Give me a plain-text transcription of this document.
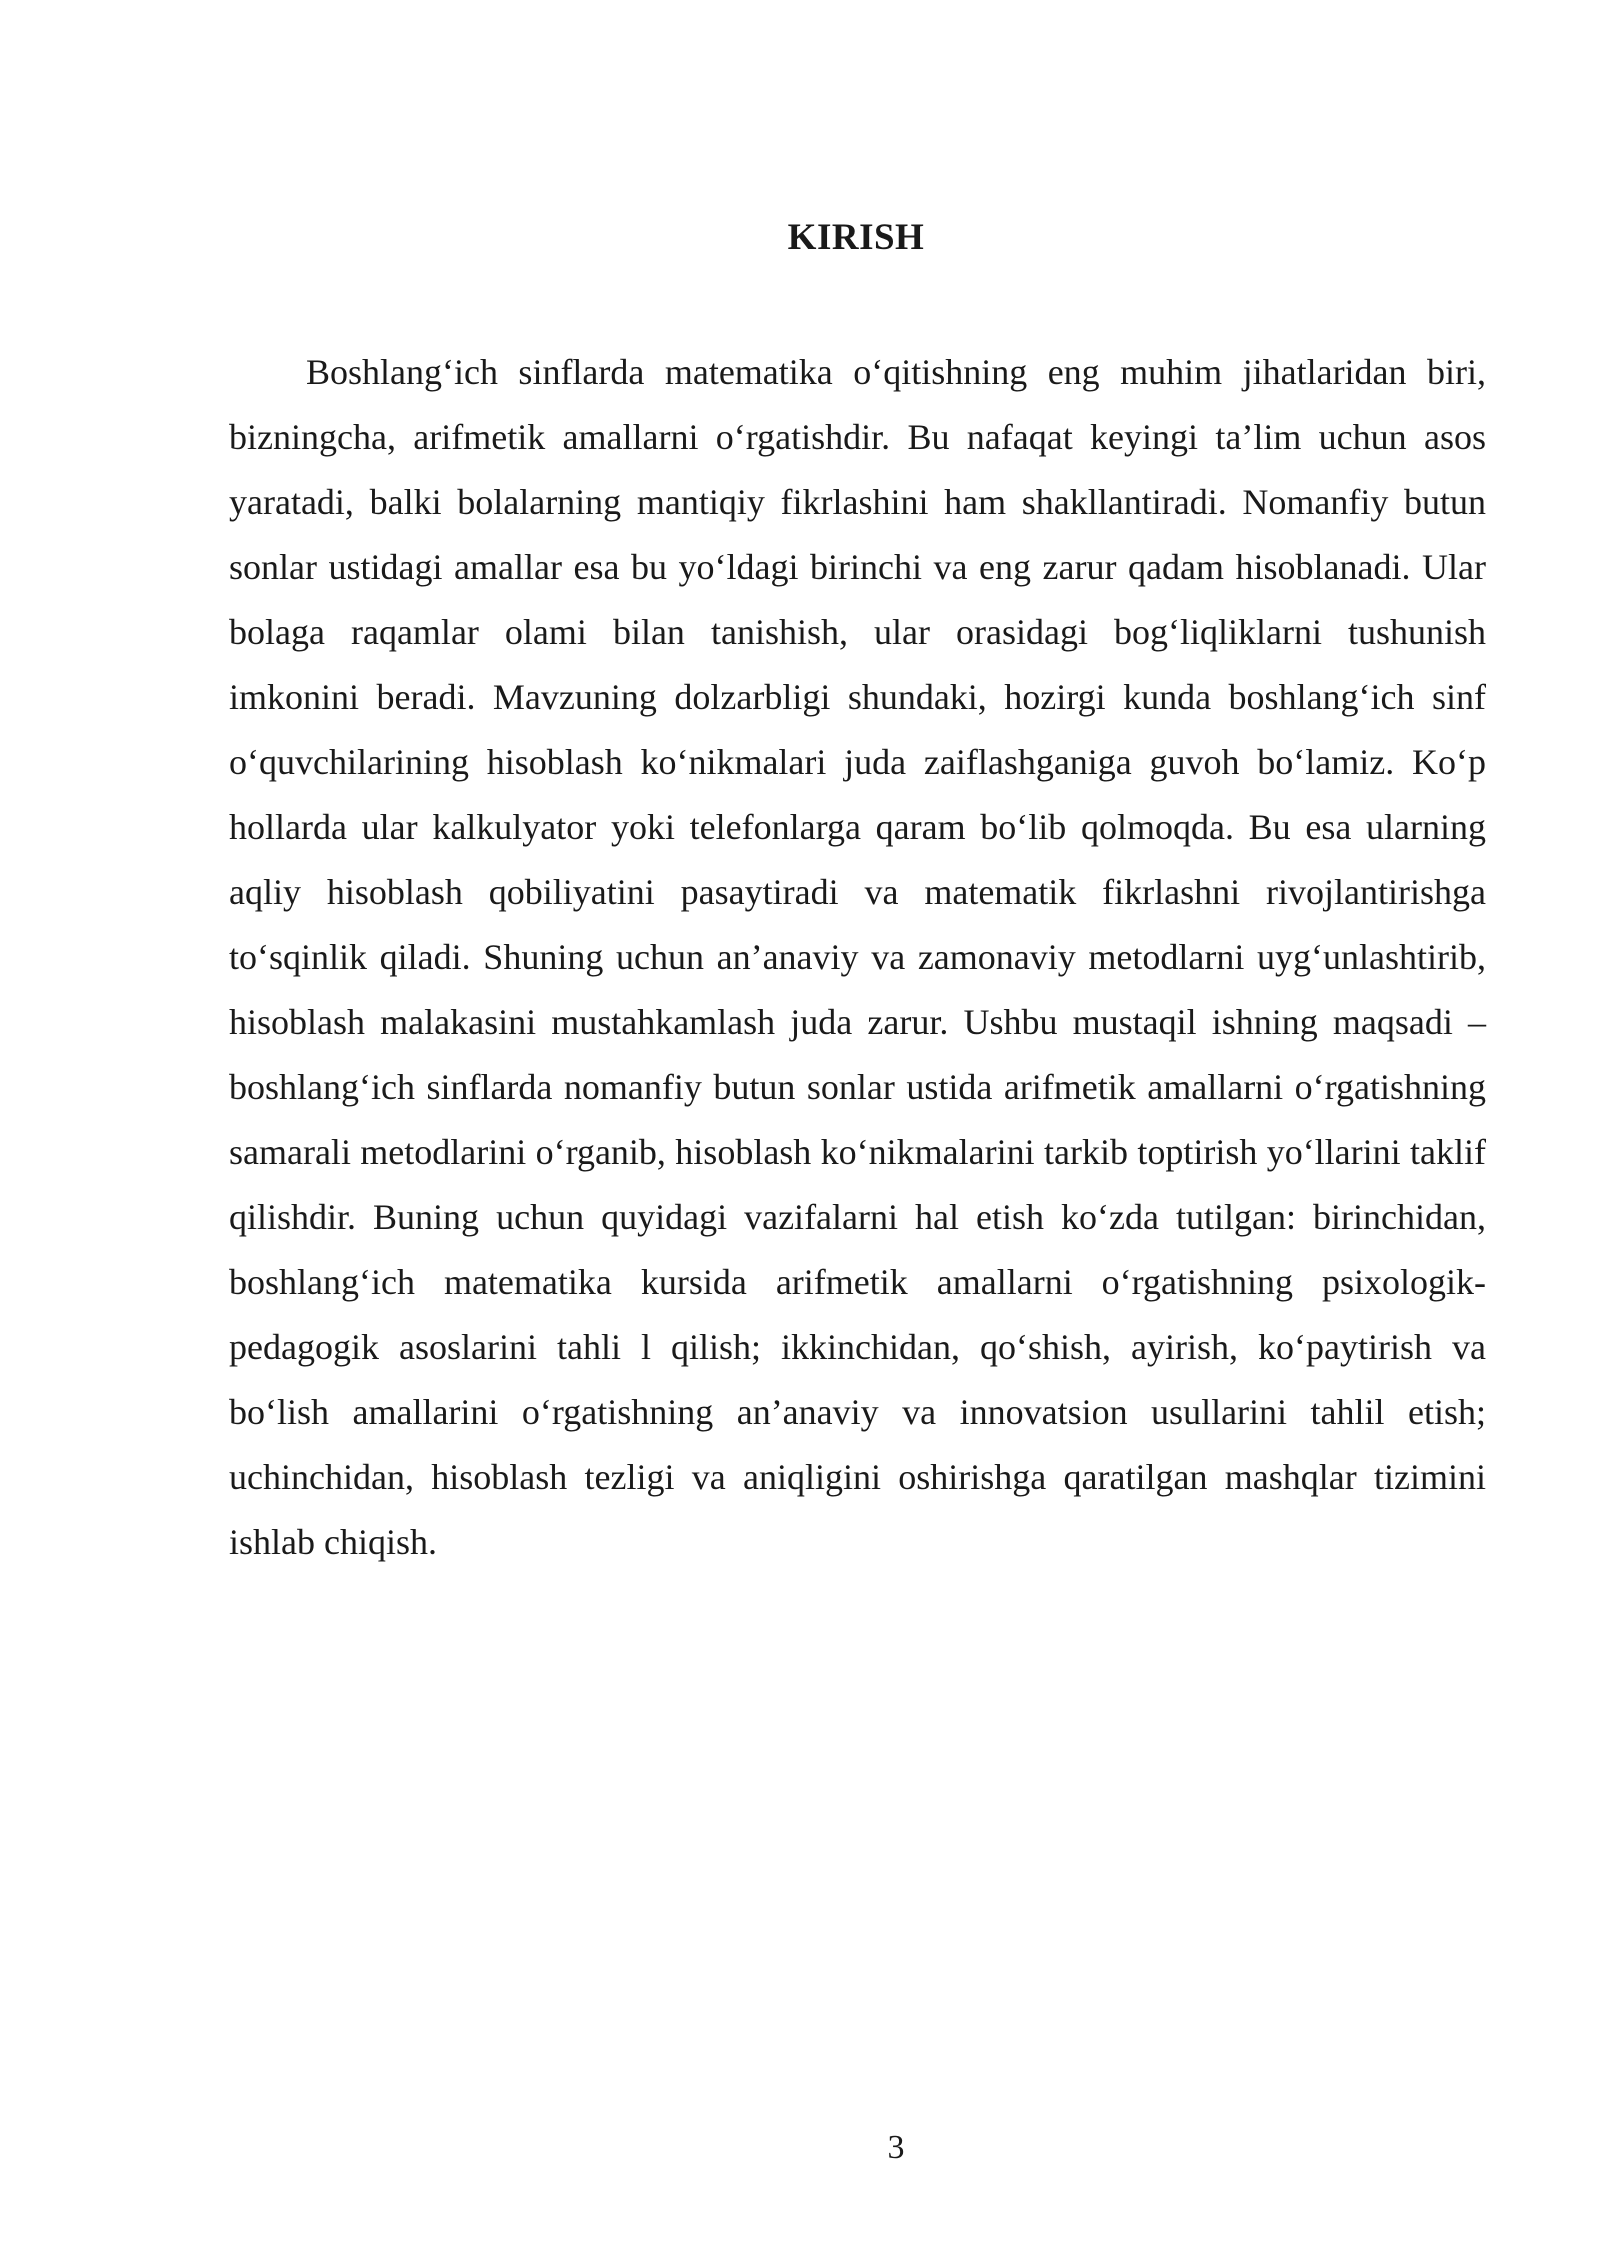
KIRISH

Boshlang‘ich sinflarda matematika o‘qitishning eng muhim jihatlaridan biri, bizningcha, arifmetik amallarni o‘rgatishdir. Bu nafaqat keyingi ta’lim uchun asos yaratadi, balki bolalarning mantiqiy fikrlashini ham shakllantiradi. Nomanfiy butun sonlar ustidagi amallar esa bu yo‘ldagi birinchi va eng zarur qadam hisoblanadi. Ular bolaga raqamlar olami bilan tanishish, ular orasidagi bog‘liqliklarni tushunish imkonini beradi. Mavzuning dolzarbligi shundaki, hozirgi kunda boshlang‘ich sinf o‘quvchilarining hisoblash ko‘nikmalari juda zaiflashganiga guvoh bo‘lamiz. Ko‘p hollarda ular kalkulyator yoki telefonlarga qaram bo‘lib qolmoqda. Bu esa ularning aqliy hisoblash qobiliyatini pasaytiradi va matematik fikrlashni rivojlantirishga to‘sqinlik qiladi. Shuning uchun an’anaviy va zamonaviy metodlarni uyg‘unlashtirib, hisoblash malakasini mustahkamlash juda zarur. Ushbu mustaqil ishning maqsadi – boshlang‘ich sinflarda nomanfiy butun sonlar ustida arifmetik amallarni o‘rgatishning samarali metodlarini o‘rganib, hisoblash ko‘nikmalarini tarkib toptirish yo‘llarini taklif qilishdir. Buning uchun quyidagi vazifalarni hal etish ko‘zda tutilgan: birinchidan, boshlang‘ich matematika kursida arifmetik amallarni o‘rgatishning psixologik-pedagogik asoslarini tahli l qilish; ikkinchidan, qo‘shish, ayirish, ko‘paytirish va bo‘lish amallarini o‘rgatishning an’anaviy va innovatsion usullarini tahlil etish; uchinchidan, hisoblash tezligi va aniqligini oshirishga qaratilgan mashqlar tizimini ishlab chiqish.

3
